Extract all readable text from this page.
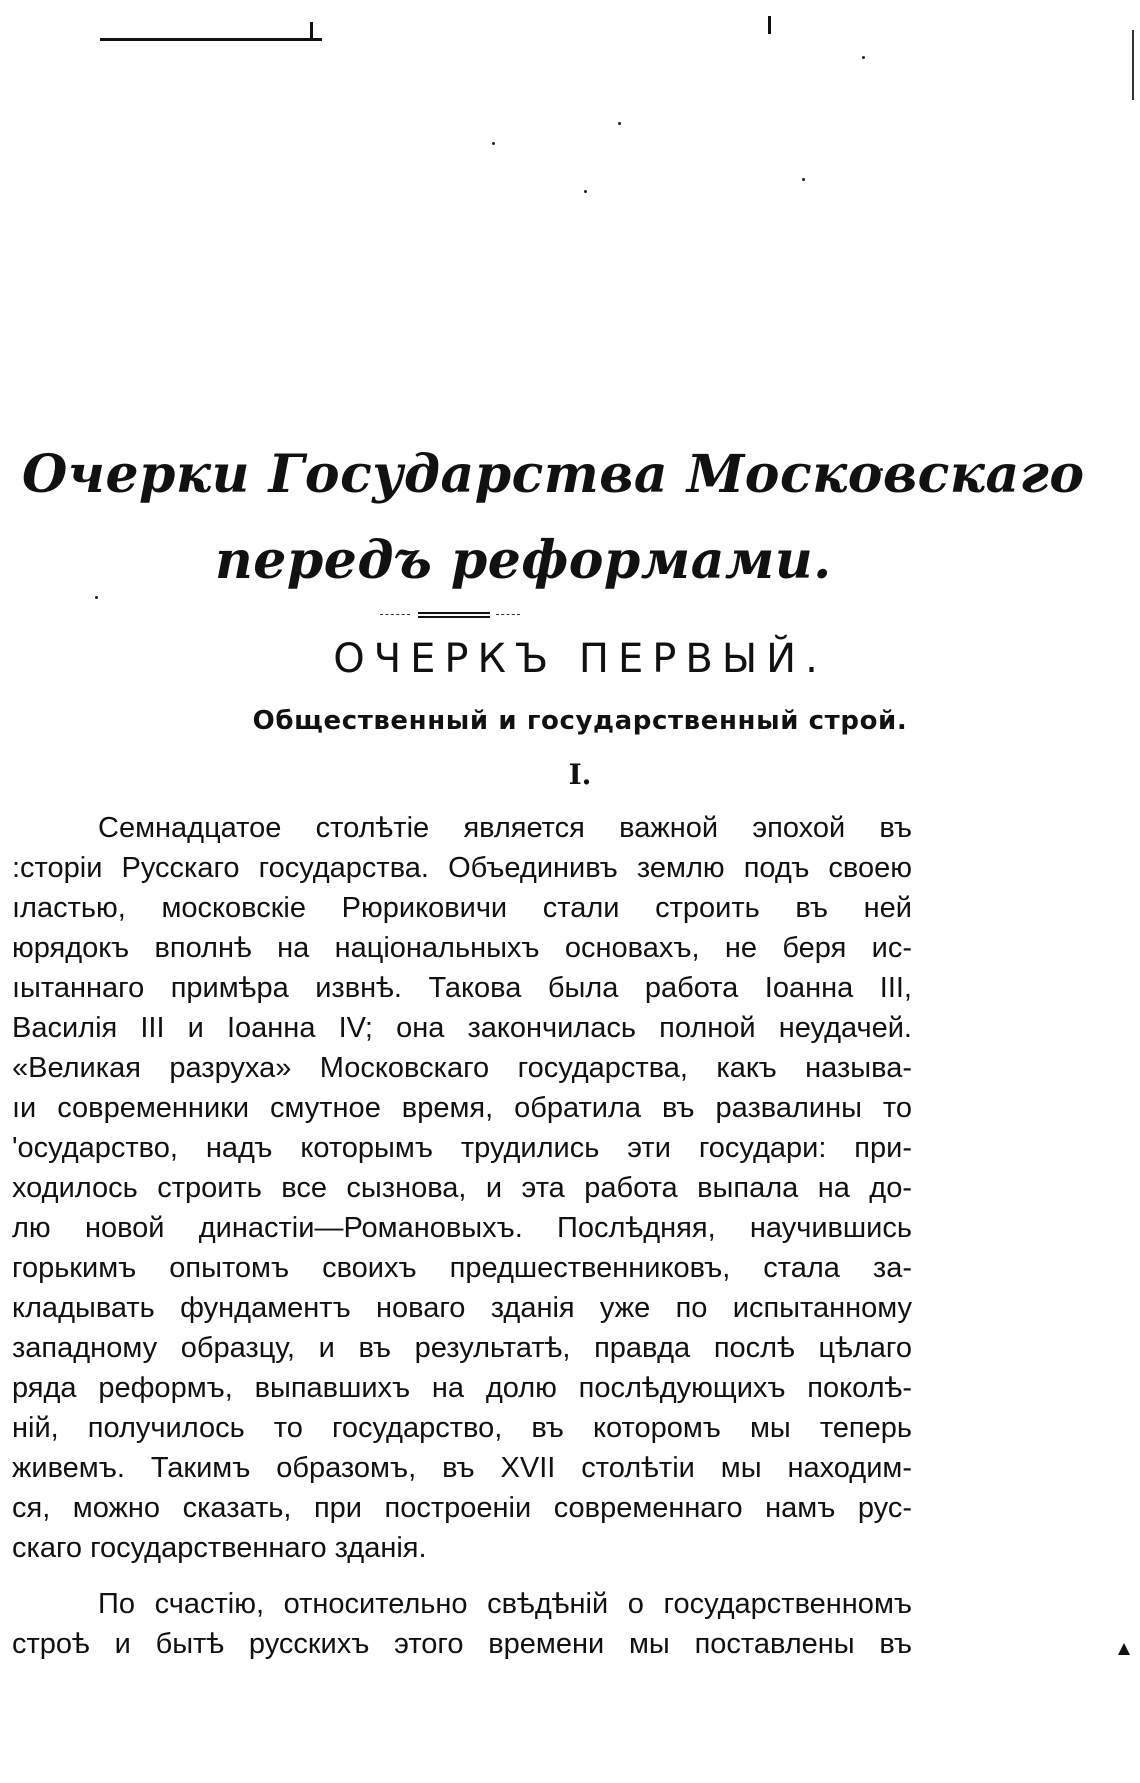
Очерки Государства Московскаго
передъ реформами.
ОЧЕРКЪ ПЕРВЫЙ.
Общественный и государственный строй.
I.
Семнадцатое столѣтіе является важной эпохой въ
:сторіи Русскаго государства. Объединивъ землю подъ своею
ıластью, московскіе Рюриковичи стали строить въ ней
юрядокъ вполнѣ на національныхъ основахъ, не беря ис-
ıытаннаго примѣра извнѣ. Такова была работа Іоанна III,
Василія III и Іоанна IV; она закончилась полной неудачей.
«Великая разруха» Московскаго государства, какъ называ-
ıи современники смутное время, обратила въ развалины то
'осударство, надъ которымъ трудились эти государи: при-
ходилось строить все сызнова, и эта работа выпала на до-
лю новой династіи—Романовыхъ. Послѣдняя, научившись
горькимъ опытомъ своихъ предшественниковъ, стала за-
кладывать фундаментъ новаго зданія уже по испытанному
западному образцу, и въ результатѣ, правда послѣ цѣлаго
ряда реформъ, выпавшихъ на долю послѣдующихъ поколѣ-
ній, получилось то государство, въ которомъ мы теперь
живемъ. Такимъ образомъ, въ XVII столѣтіи мы находим-
ся, можно сказать, при построеніи современнаго намъ рус-
скаго государственнаго зданія.
По счастію, относительно свѣдѣній о государственномъ
строѣ и бытѣ русскихъ этого времени мы поставлены въ
